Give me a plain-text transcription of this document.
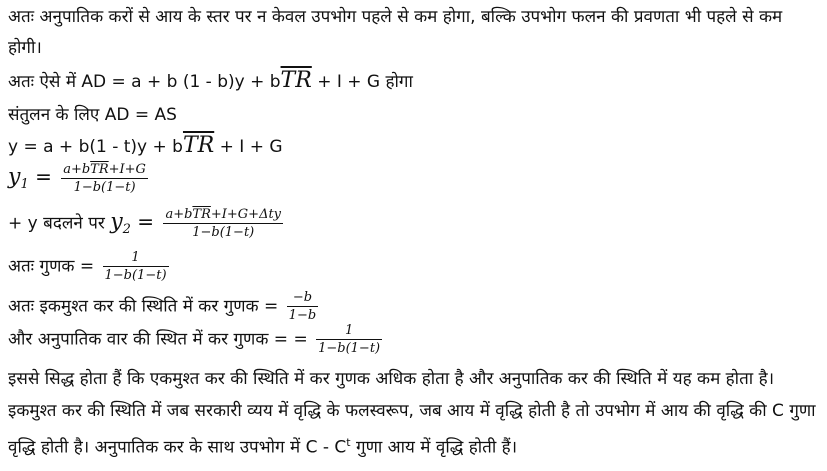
अतः अनुपातिक करों से आय के स्तर पर न केवल उपभोग पहले से कम होगा, बल्कि उपभोग फलन की प्रवणता भी पहले से कम होगी।
अतः ऐसे में AD = a + b $(1 - b)y + b\overline{TR} + I + G$ होगा
संतुलन के लिए AD = AS
$y = a + b(1 - t)y + b\overline{TR} + I + G$
$y_1 = \frac{a+b\overline{TR}+I+G}{1-b(1-t)}$
+ y बदलने पर $y_2 = \frac{a+b\overline{TR}+I+G+\Delta ty}{1-b(1-t)}$
अतः गुणक = $\frac{1}{1-b(1-t)}$
अतः इकमुश्त कर की स्थिति में कर गुणक = $\frac{-b}{1-b}$
और अनुपातिक वार की स्थित में कर गुणक = = $\frac{1}{1-b(1-t)}$
इससे सिद्ध होता हैं कि एकमुश्त कर की स्थिति में कर गुणक अधिक होता है और अनुपातिक कर की स्थिति में यह कम होता है।
इकमुश्त कर की स्थिति में जब सरकारी व्यय में वृद्धि के फलस्वरूप, जब आय में वृद्धि होती है तो उपभोग में आय की वृद्धि की C गुणा वृद्धि होती है। अनुपातिक कर के साथ उपभोग में C - $C^t$ गुणा आय में वृद्धि होती हैं।
